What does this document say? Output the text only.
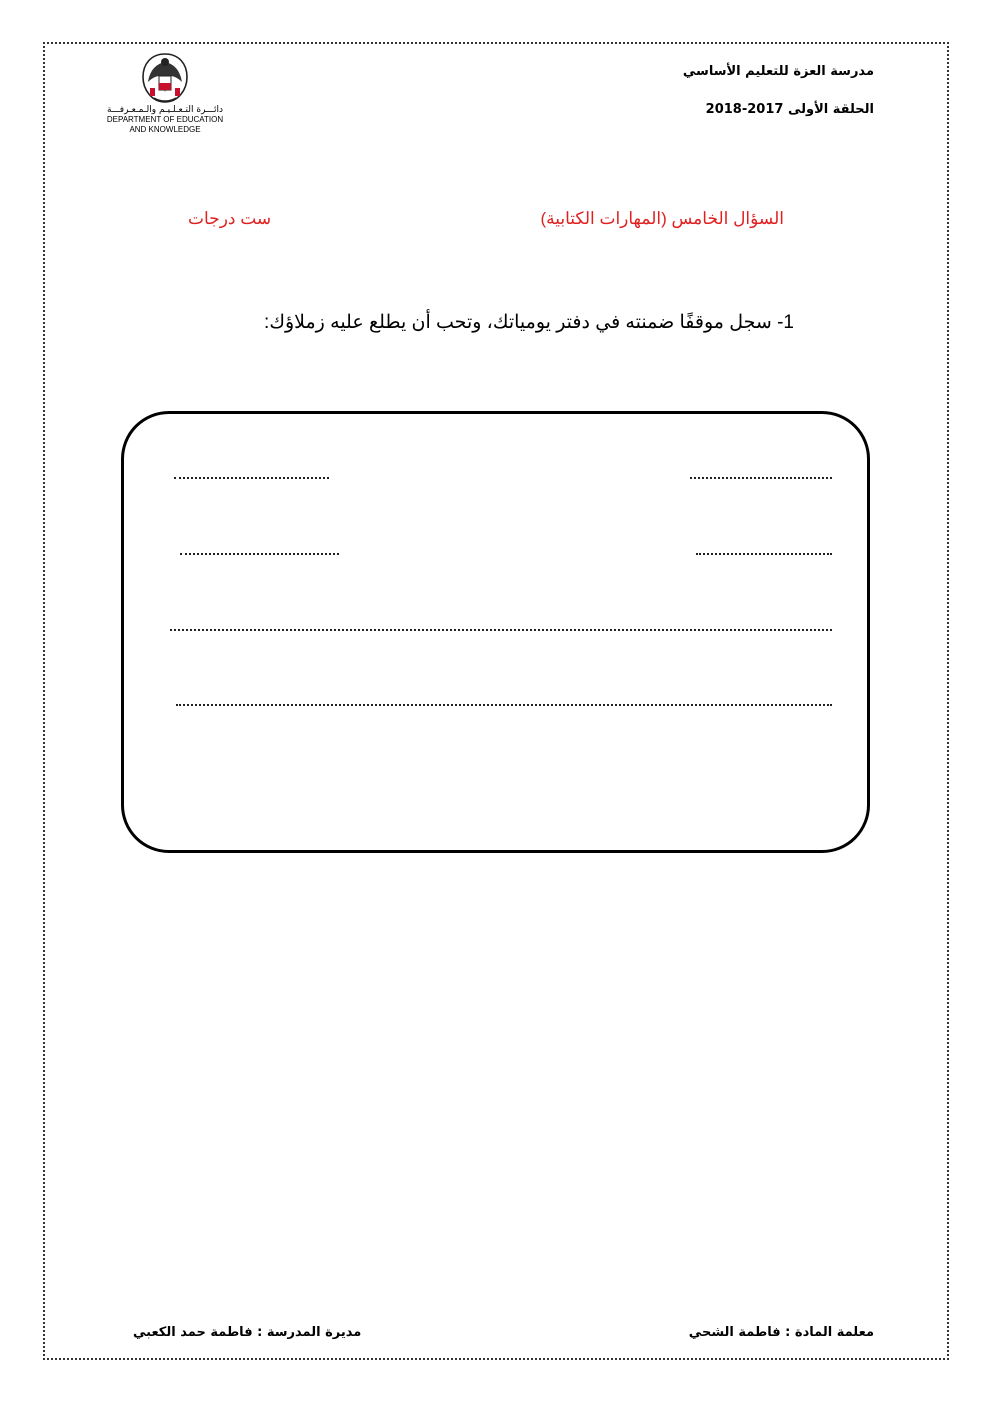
مدرسة العزة للتعليم الأساسي
الحلقة الأولى 2017-2018
دائـــرة التـعـلـيـم والـمـعـرفـــة
DEPARTMENT OF EDUCATION
AND KNOWLEDGE
السؤال الخامس (المهارات الكتابية)
ست درجات
1- سجل موقفًا ضمنته في دفتر يومياتك، وتحب أن يطلع عليه زملاؤك:
معلمة المادة : فاطمة الشحي
مديرة المدرسة : فاطمة حمد الكعبي
